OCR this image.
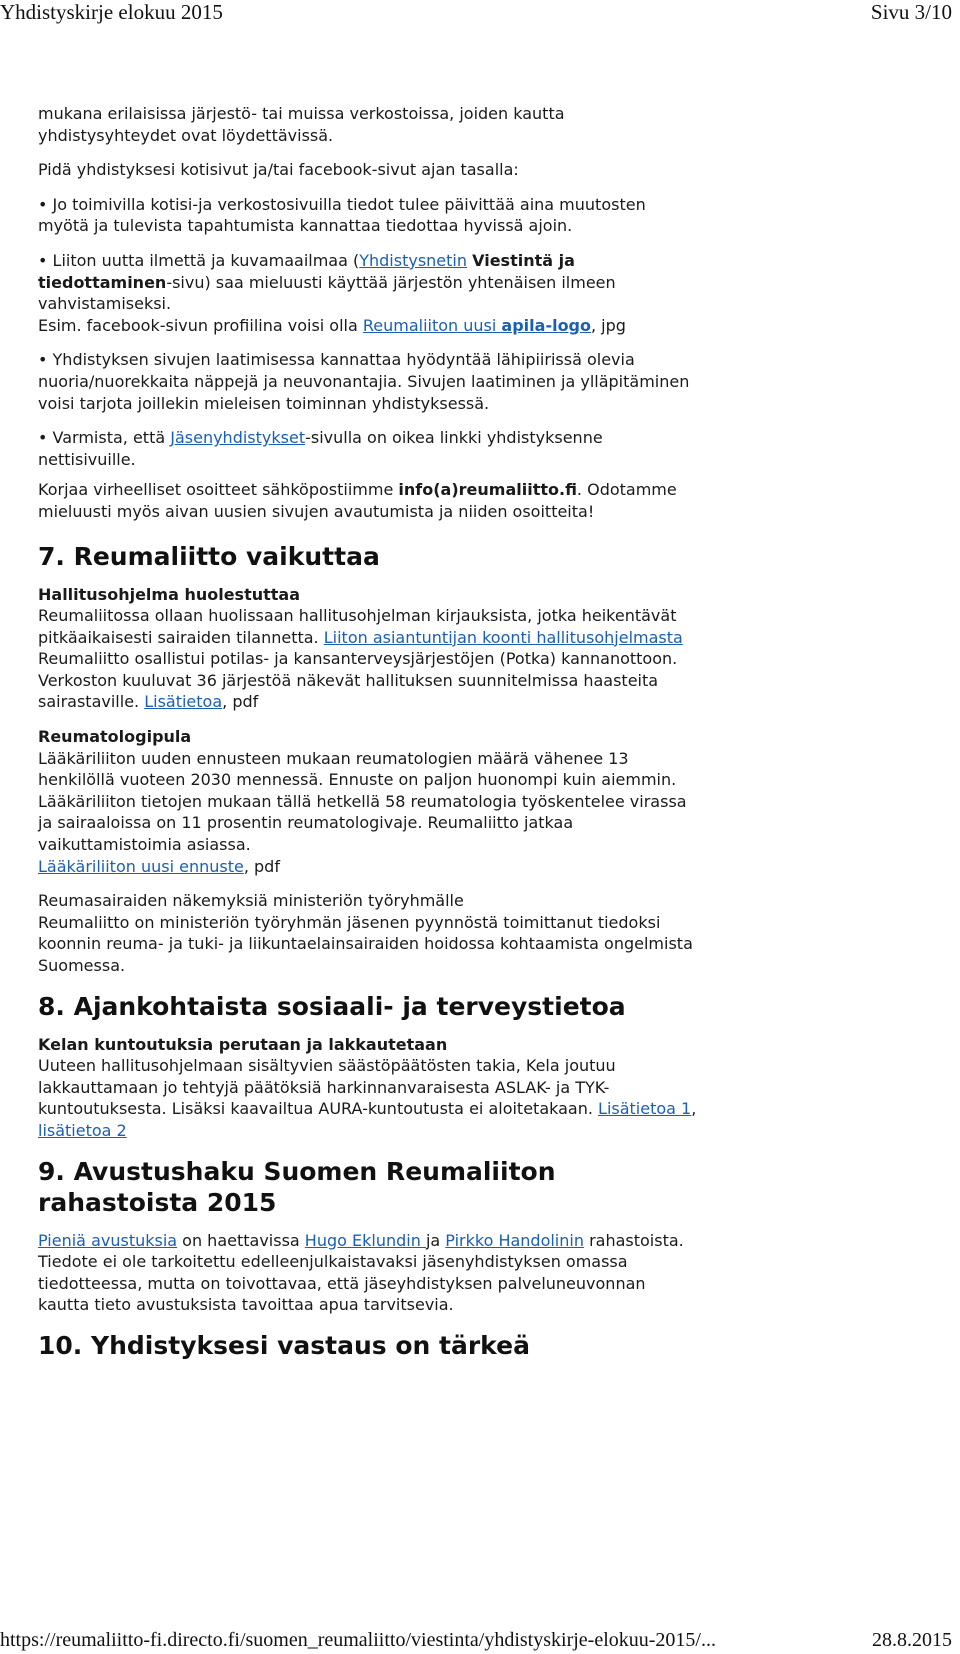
Yhdistyskirje elokuu 2015	Sivu 3/10

mukana erilaisissa järjestö- tai muissa verkostoissa, joiden kautta yhdistysyhteydet ovat löydettävissä.

Pidä yhdistyksesi kotisivut ja/tai facebook-sivut ajan tasalla:

• Jo toimivilla kotisi-ja verkostosivuilla tiedot tulee päivittää aina muutosten myötä ja tulevista tapahtumista kannattaa tiedottaa hyvissä ajoin.

• Liiton uutta ilmettä ja kuvamaailmaa (Yhdistysnetin Viestintä ja tiedottaminen-sivu) saa mieluusti käyttää järjestön yhtenäisen ilmeen vahvistamiseksi.
Esim. facebook-sivun profiilina voisi olla Reumaliiton uusi apila-logo, jpg

• Yhdistyksen sivujen laatimisessa kannattaa hyödyntää lähipiirissä olevia nuoria/nuorekkaita näppejä ja neuvonantajia. Sivujen laatiminen ja ylläpitäminen voisi tarjota joillekin mieleisen toiminnan yhdistyksessä.

• Varmista, että Jäsenyhdistykset-sivulla on oikea linkki yhdistyksenne nettisivuille.

Korjaa virheelliset osoitteet sähköpostiimme info(a)reumaliitto.fi. Odotamme mieluusti myös aivan uusien sivujen avautumista ja niiden osoitteita!

7. Reumaliitto vaikuttaa

Hallitusohjelma huolestuttaa

Reumaliitossa ollaan huolissaan hallitusohjelman kirjauksista, jotka heikentävät pitkäaikaisesti sairaiden tilannetta. Liiton asiantuntijan koonti hallitusohjelmasta
Reumaliitto osallistui potilas- ja kansanterveysjärjestöjen (Potka) kannanottoon. Verkoston kuuluvat 36 järjestöä näkevät hallituksen suunnitelmissa haasteita sairastaville. Lisätietoa, pdf

Reumatologipula

Lääkäriliiton uuden ennusteen mukaan reumatologien määrä vähenee 13 henkilöllä vuoteen 2030 mennessä. Ennuste on paljon huonompi kuin aiemmin. Lääkäriliiton tietojen mukaan tällä hetkellä 58 reumatologia työskentelee virassa ja sairaaloissa on 11 prosentin reumatologivaje. Reumaliitto jatkaa vaikuttamistoimia asiassa.
Lääkäriliiton uusi ennuste, pdf

Reumasairaiden näkemyksiä ministeriön työryhmälle

Reumaliitto on ministeriön työryhmän jäsenen pyynnöstä toimittanut tiedoksi koonnin reuma- ja tuki- ja liikuntaelainsairaiden hoidossa kohtaamista ongelmista Suomessa.

8. Ajankohtaista sosiaali- ja terveystietoa

Kelan kuntoutuksia perutaan ja lakkautetaan

Uuteen hallitusohjelmaan sisältyvien säästöpäätösten takia, Kela joutuu lakkauttamaan jo tehtyjä päätöksiä harkinnanvaraisesta ASLAK- ja TYK-kuntoutuksesta. Lisäksi kaavailtua AURA-kuntoutusta ei aloitetakaan. Lisätietoa 1, lisätietoa 2

9. Avustushaku Suomen Reumaliiton rahastoista 2015

Pieniä avustuksia on haettavissa Hugo Eklundin ja Pirkko Handolinin rahastoista.
Tiedote ei ole tarkoitettu edelleenjulkaistavaksi jäsenyhdistyksen omassa tiedotteessa, mutta on toivottavaa, että jäseyhdistyksen palveluneuvonnan kautta tieto avustuksista tavoittaa apua tarvitsevia.

10. Yhdistyksesi vastaus on tärkeä
https://reumaliitto-fi.directo.fi/suomen_reumaliitto/viestinta/yhdistyskirje-elokuu-2015/...	28.8.2015
